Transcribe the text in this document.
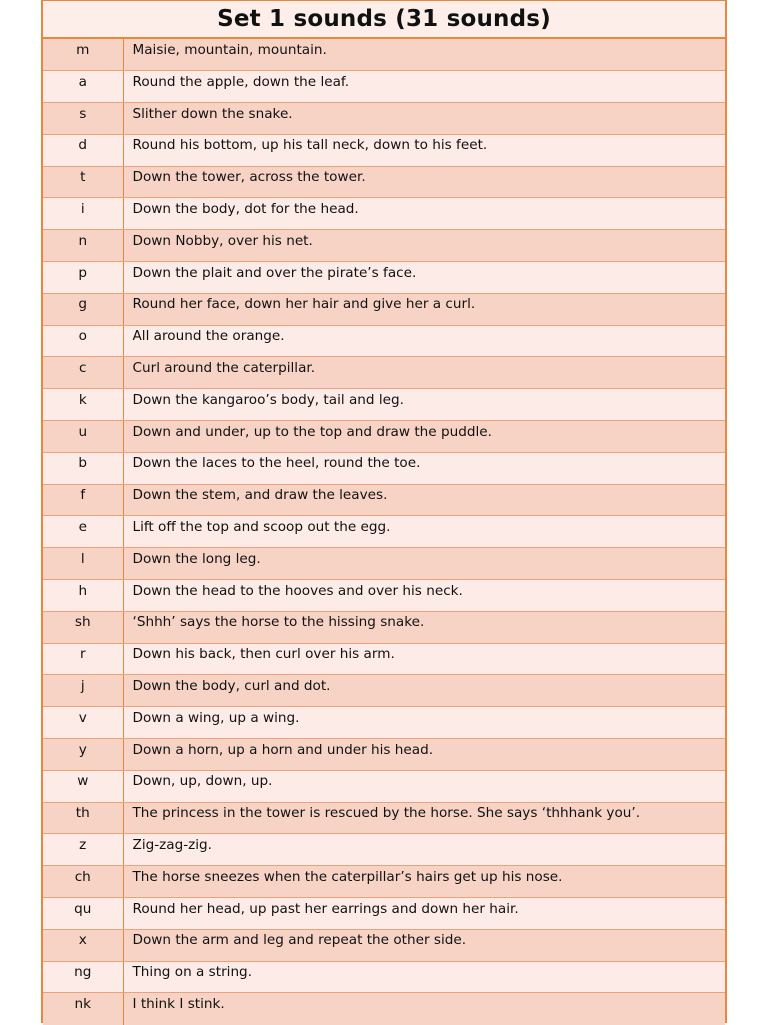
Set 1 sounds (31 sounds)
m	Maisie, mountain, mountain.
a	Round the apple, down the leaf.
s	Slither down the snake.
d	Round his bottom, up his tall neck, down to his feet.
t	Down the tower, across the tower.
i	Down the body, dot for the head.
n	Down Nobby, over his net.
p	Down the plait and over the pirate’s face.
g	Round her face, down her hair and give her a curl.
o	All around the orange.
c	Curl around the caterpillar.
k	Down the kangaroo’s body, tail and leg.
u	Down and under, up to the top and draw the puddle.
b	Down the laces to the heel, round the toe.
f	Down the stem, and draw the leaves.
e	Lift off the top and scoop out the egg.
l	Down the long leg.
h	Down the head to the hooves and over his neck.
sh	‘Shhh’ says the horse to the hissing snake.
r	Down his back, then curl over his arm.
j	Down the body, curl and dot.
v	Down a wing, up a wing.
y	Down a horn, up a horn and under his head.
w	Down, up, down, up.
th	The princess in the tower is rescued by the horse. She says ‘thhhank you’.
z	Zig-zag-zig.
ch	The horse sneezes when the caterpillar’s hairs get up his nose.
qu	Round her head, up past her earrings and down her hair.
x	Down the arm and leg and repeat the other side.
ng	Thing on a string.
nk	I think I stink.
